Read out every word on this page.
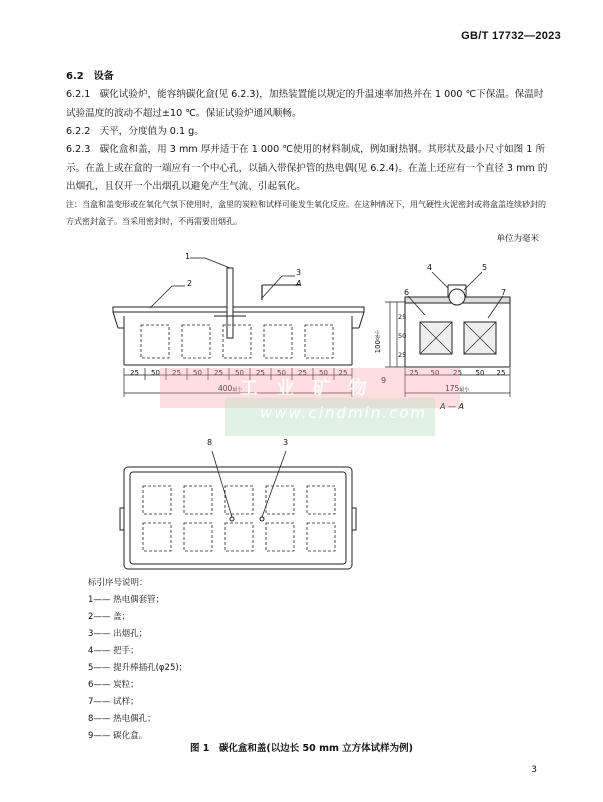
GB/T 17732—2023
6.2 设备
6.2.1　 碳化试验炉，能容纳碳化盒(见 6.2.3)，加热装置能以规定的升温速率加热并在 1 000 ℃下保温。保温时试验温度的波动不超过±10 ℃。保证试验炉通风顺畅。
6.2.2　 天平，分度值为 0.1 g。
6.2.3　 碳化盒和盖，用 3 mm 厚并适于在 1 000 ℃使用的材料制成，例如耐热钢。其形状及最小尺寸如图 1 所示。在盖上或在盒的一端应有一个中心孔，以插入带保护管的热电偶(见 6.2.4)。在盖上还应有一个直径 3 mm 的出烟孔，且仅开一个出烟孔以避免产生气流、引起氧化。
注：当盒和盖变形或在氧化气氛下使用时，盒里的炭粒和试样可能发生氧化反应。在这种情况下，用气硬性火泥密封或将盒盖连续砂封的方式密封盒子。当采用密封时，不再需要出烟孔。
单位为毫米
1
2
3
A
25	50	25	50	25	50	25	50	25	50	25
400最小
4	5
6	7
9
25
50
25
100最小
25	50	25	50	25
175最小
A — A
8	3
工 业 矿 物
www.cindmin.com
标引序号说明：
1—— 热电偶套管；
2—— 盖；
3—— 出烟孔；
4—— 把手；
5—— 提升棒插孔(φ25)；
6—— 炭粒；
7—— 试样；
8—— 热电偶孔；
9—— 碳化盒。
图 1　碳化盒和盖(以边长 50 mm 立方体试样为例)
3
